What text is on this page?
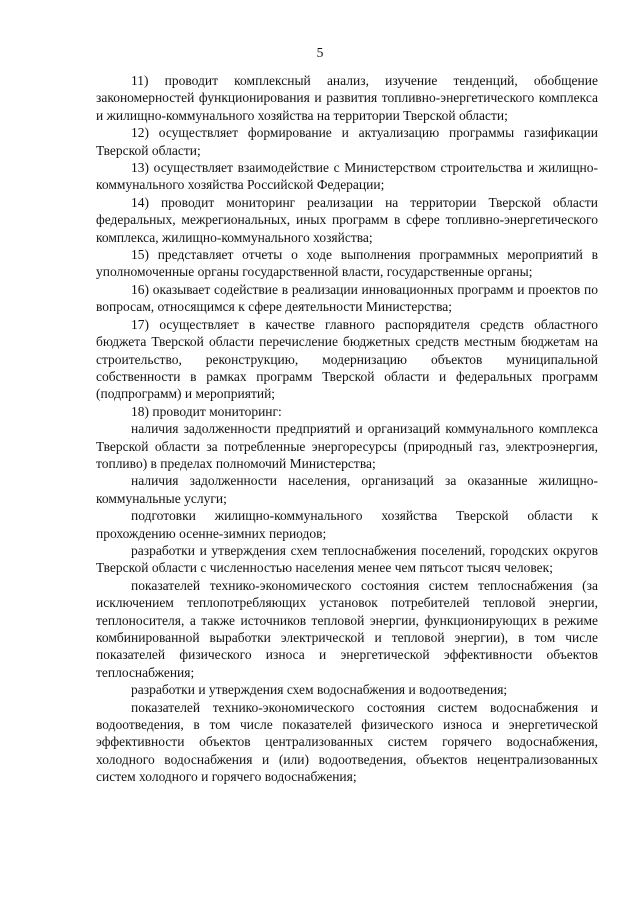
5

11) проводит комплексный анализ, изучение тенденций, обобщение закономерностей функционирования и развития топливно-энергетического комплекса и жилищно-коммунального хозяйства на территории Тверской области;

12) осуществляет формирование и актуализацию программы газификации Тверской области;

13) осуществляет взаимодействие с Министерством строительства и жилищно-коммунального хозяйства Российской Федерации;

14) проводит мониторинг реализации на территории Тверской области федеральных, межрегиональных, иных программ в сфере топливно-энергетического комплекса, жилищно-коммунального хозяйства;

15) представляет отчеты о ходе выполнения программных мероприятий в уполномоченные органы государственной власти, государственные органы;

16) оказывает содействие в реализации инновационных программ и проектов по вопросам, относящимся к сфере деятельности Министерства;

17) осуществляет в качестве главного распорядителя средств областного бюджета Тверской области перечисление бюджетных средств местным бюджетам на строительство, реконструкцию, модернизацию объектов муниципальной собственности в рамках программ Тверской области и федеральных программ (подпрограмм) и мероприятий;

18) проводит мониторинг:

наличия задолженности предприятий и организаций коммунального комплекса Тверской области за потребленные энергоресурсы (природный газ, электроэнергия, топливо) в пределах полномочий Министерства;

наличия задолженности населения, организаций за оказанные жилищно-коммунальные услуги;

подготовки жилищно-коммунального хозяйства Тверской области к прохождению осенне-зимних периодов;

разработки и утверждения схем теплоснабжения поселений, городских округов Тверской области с численностью населения менее чем пятьсот тысяч человек;

показателей технико-экономического состояния систем теплоснабжения (за исключением теплопотребляющих установок потребителей тепловой энергии, теплоносителя, а также источников тепловой энергии, функционирующих в режиме комбинированной выработки электрической и тепловой энергии), в том числе показателей физического износа и энергетической эффективности объектов теплоснабжения;

разработки и утверждения схем водоснабжения и водоотведения;

показателей технико-экономического состояния систем водоснабжения и водоотведения, в том числе показателей физического износа и энергетической эффективности объектов централизованных систем горячего водоснабжения, холодного водоснабжения и (или) водоотведения, объектов нецентрализованных систем холодного и горячего водоснабжения;
